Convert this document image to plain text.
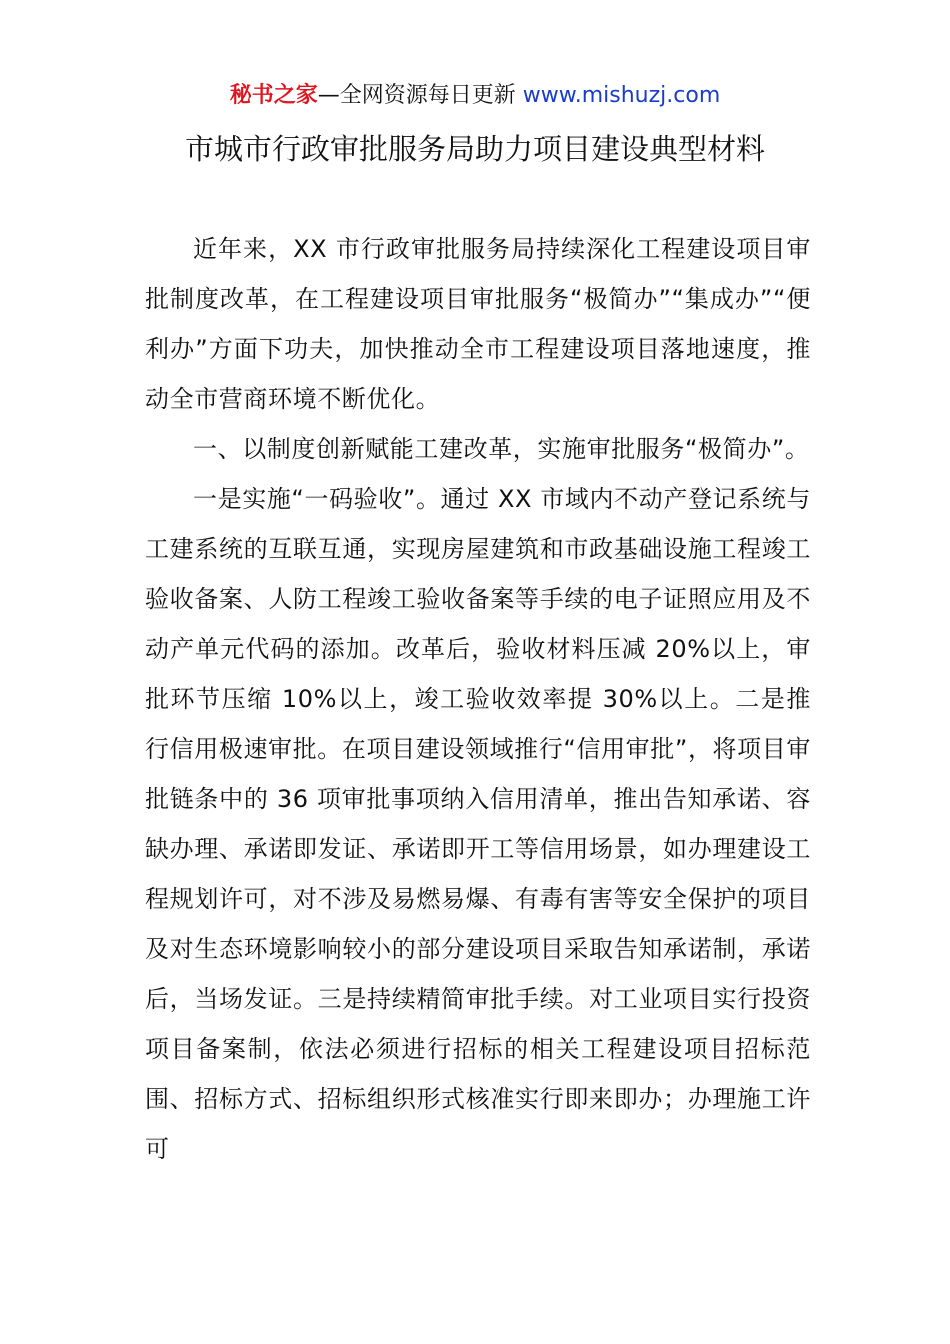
秘书之家—全网资源每日更新 www.mishuzj.com
市城市行政审批服务局助力项目建设典型材料

近年来，XX 市行政审批服务局持续深化工程建设项目审批制度改革，在工程建设项目审批服务“极简办”“集成办”“便利办”方面下功夫，加快推动全市工程建设项目落地速度，推动全市营商环境不断优化。

一、以制度创新赋能工建改革，实施审批服务“极简办”。

一是实施“一码验收”。通过 XX 市域内不动产登记系统与工建系统的互联互通，实现房屋建筑和市政基础设施工程竣工验收备案、人防工程竣工验收备案等手续的电子证照应用及不动产单元代码的添加。改革后，验收材料压减 20%以上，审批环节压缩 10%以上，竣工验收效率提 30%以上。二是推行信用极速审批。在项目建设领域推行“信用审批”，将项目审批链条中的 36 项审批事项纳入信用清单，推出告知承诺、容缺办理、承诺即发证、承诺即开工等信用场景，如办理建设工程规划许可，对不涉及易燃易爆、有毒有害等安全保护的项目及对生态环境影响较小的部分建设项目采取告知承诺制，承诺后，当场发证。三是持续精简审批手续。对工业项目实行投资项目备案制，依法必须进行招标的相关工程建设项目招标范围、招标方式、招标组织形式核准实行即来即办；办理施工许可
